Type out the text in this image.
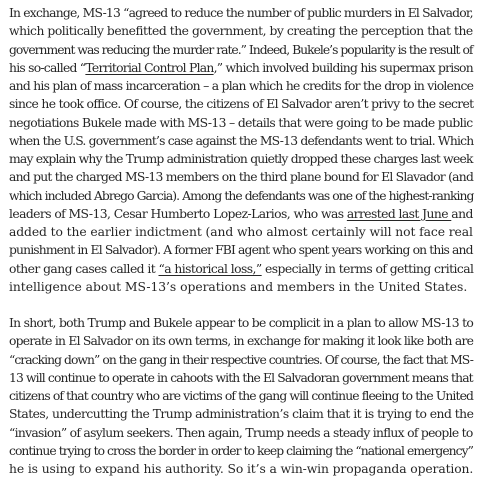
In exchange, MS-13 “agreed to reduce the number of public murders in El Salvador,
which politically benefitted the government, by creating the perception that the
government was reducing the murder rate.” Indeed, Bukele’s popularity is the result of
his so-called “Territorial Control Plan,” which involved building his supermax prison
and his plan of mass incarceration – a plan which he credits for the drop in violence
since he took office. Of course, the citizens of El Salvador aren’t privy to the secret
negotiations Bukele made with MS-13 – details that were going to be made public
when the U.S. government’s case against the MS-13 defendants went to trial. Which
may explain why the Trump administration quietly dropped these charges last week
and put the charged MS-13 members on the third plane bound for El Slavador (and
which included Abrego Garcia). Among the defendants was one of the highest-ranking
leaders of MS-13, Cesar Humberto Lopez-Larios, who was arrested last June and
added to the earlier indictment (and who almost certainly will not face real
punishment in El Salvador). A former FBI agent who spent years working on this and
other gang cases called it “a historical loss,” especially in terms of getting critical
intelligence about MS-13’s operations and members in the United States.
In short, both Trump and Bukele appear to be complicit in a plan to allow MS-13 to
operate in El Salvador on its own terms, in exchange for making it look like both are
“cracking down” on the gang in their respective countries. Of course, the fact that MS-
13 will continue to operate in cahoots with the El Salvadoran government means that
citizens of that country who are victims of the gang will continue fleeing to the United
States, undercutting the Trump administration’s claim that it is trying to end the
“invasion” of asylum seekers. Then again, Trump needs a steady influx of people to
continue trying to cross the border in order to keep claiming the “national emergency”
he is using to expand his authority. So it’s a win-win propaganda operation.
